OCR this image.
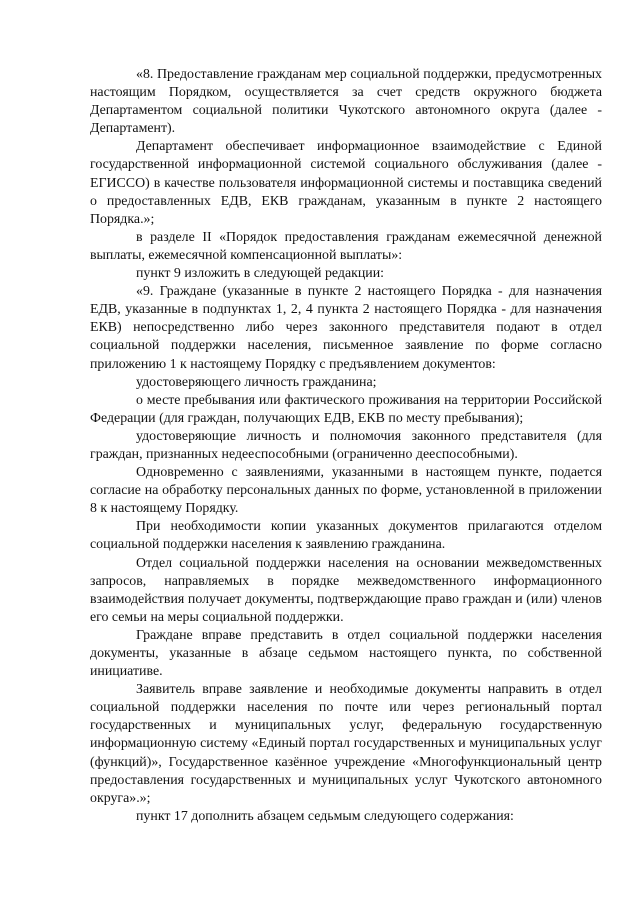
«8. Предоставление гражданам мер социальной поддержки, предусмотренных настоящим Порядком, осуществляется за счет средств окружного бюджета Департаментом социальной политики Чукотского автономного округа (далее - Департамент).

Департамент обеспечивает информационное взаимодействие с Единой государственной информационной системой социального обслуживания (далее - ЕГИССО) в качестве пользователя информационной системы и поставщика сведений о предоставленных ЕДВ, ЕКВ гражданам, указанным в пункте 2 настоящего Порядка.»;

в разделе II «Порядок предоставления гражданам ежемесячной денежной выплаты, ежемесячной компенсационной выплаты»:

пункт 9 изложить в следующей редакции:

«9. Граждане (указанные в пункте 2 настоящего Порядка - для назначения ЕДВ, указанные в подпунктах 1, 2, 4 пункта 2 настоящего Порядка - для назначения ЕКВ) непосредственно либо через законного представителя подают в отдел социальной поддержки населения, письменное заявление по форме согласно приложению 1 к настоящему Порядку с предъявлением документов:

удостоверяющего личность гражданина;

о месте пребывания или фактического проживания на территории Российской Федерации (для граждан, получающих ЕДВ, ЕКВ по месту пребывания);

удостоверяющие личность и полномочия законного представителя (для граждан, признанных недееспособными (ограниченно дееспособными).

Одновременно с заявлениями, указанными в настоящем пункте, подается согласие на обработку персональных данных по форме, установленной в приложении 8 к настоящему Порядку.

При необходимости копии указанных документов прилагаются отделом социальной поддержки населения к заявлению гражданина.

Отдел социальной поддержки населения на основании межведомственных запросов, направляемых в порядке межведомственного информационного взаимодействия получает документы, подтверждающие право граждан и (или) членов его семьи на меры социальной поддержки.

Граждане вправе представить в отдел социальной поддержки населения документы, указанные в абзаце седьмом настоящего пункта, по собственной инициативе.

Заявитель вправе заявление и необходимые документы направить в отдел социальной поддержки населения по почте или через региональный портал государственных и муниципальных услуг, федеральную государственную информационную систему «Единый портал государственных и муниципальных услуг (функций)», Государственное казённое учреждение «Многофункциональный центр предоставления государственных и муниципальных услуг Чукотского автономного округа».»;

пункт 17 дополнить абзацем седьмым следующего содержания:
